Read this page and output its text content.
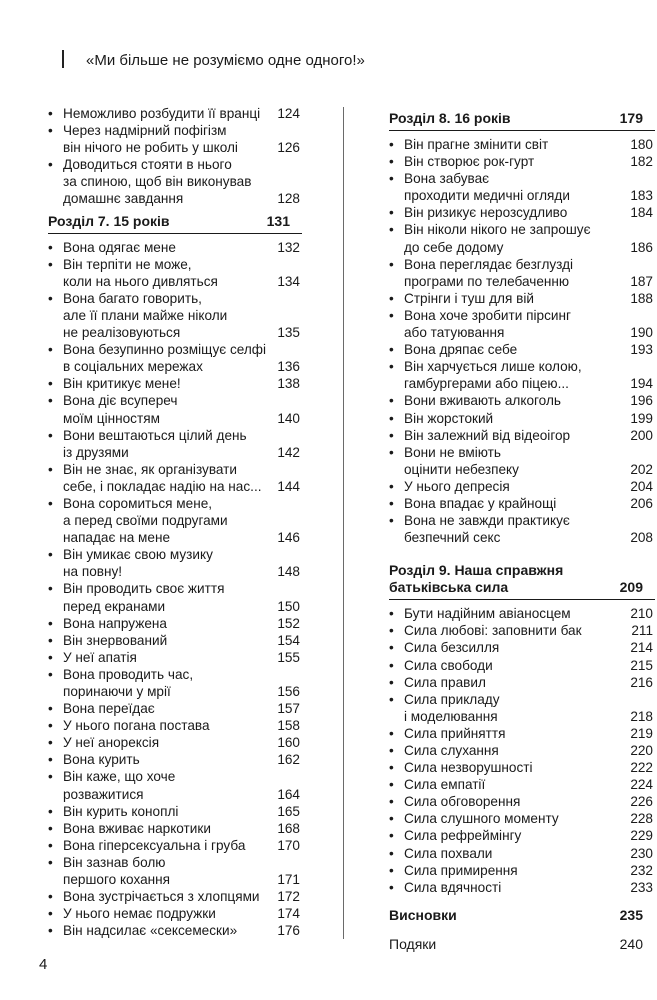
«Ми більше не розуміємо одне одного!»
• Неможливо розбудити її вранці	124
• Через надмірний пофігізм
він нічого не робить у школі	126
• Доводиться стояти в нього
за спиною, щоб він виконував
домашнє завдання	128
Розділ 7. 15 років	131
• Вона одягає мене	132
• Він терпіти не може,
коли на нього дивляться	134
• Вона багато говорить,
але її плани майже ніколи
не реалізовуються	135
• Вона безупинно розміщує селфі
в соціальних мережах	136
• Він критикує мене!	138
• Вона діє всупереч
моїм цінностям	140
• Вони вештаються цілий день
із друзями	142
• Він не знає, як організувати
себе, і покладає надію на нас...	144
• Вона соромиться мене,
а перед своїми подругами
нападає на мене	146
• Він умикає свою музику
на повну!	148
• Він проводить своє життя
перед екранами	150
• Вона напружена	152
• Він знервований	154
• У неї апатія	155
• Вона проводить час,
поринаючи у мрії	156
• Вона переїдає	157
• У нього погана постава	158
• У неї анорексія	160
• Вона курить	162
• Він каже, що хоче
розважитися	164
• Він курить коноплі	165
• Вона вживає наркотики	168
• Вона гіперсексуальна і груба	170
• Він зазнав болю
першого кохання	171
• Вона зустрічається з хлопцями	172
• У нього немає подружки	174
• Він надсилає «сексемески»	176
Розділ 8. 16 років	179
• Він прагне змінити світ	180
• Він створює рок-гурт	182
• Вона забуває
проходити медичні огляди	183
• Він ризикує нерозсудливо	184
• Він ніколи нікого не запрошує
до себе додому	186
• Вона переглядає безглузді
програми по телебаченню	187
• Стрінги і туш для вій	188
• Вона хоче зробити пірсинг
або татуювання	190
• Вона дряпає себе	193
• Він харчується лише колою,
гамбургерами або піцею...	194
• Вони вживають алкоголь	196
• Він жорстокий	199
• Він залежний від відеоігор	200
• Вони не вміють
оцінити небезпеку	202
• У нього депресія	204
• Вона впадає у крайнощі	206
• Вона не завжди практикує
безпечний секс	208
Розділ 9. Наша справжня
батьківська сила	209
• Бути надійним авіаносцем	210
• Сила любові: заповнити бак	211
• Сила безсилля	214
• Сила свободи	215
• Сила правил	216
• Сила прикладу
і моделювання	218
• Сила прийняття	219
• Сила слухання	220
• Сила незворушності	222
• Сила емпатії	224
• Сила обговорення	226
• Сила слушного моменту	228
• Сила рефреймінгу	229
• Сила похвали	230
• Сила примирення	232
• Сила вдячності	233
Висновки	235
Подяки	240
4
